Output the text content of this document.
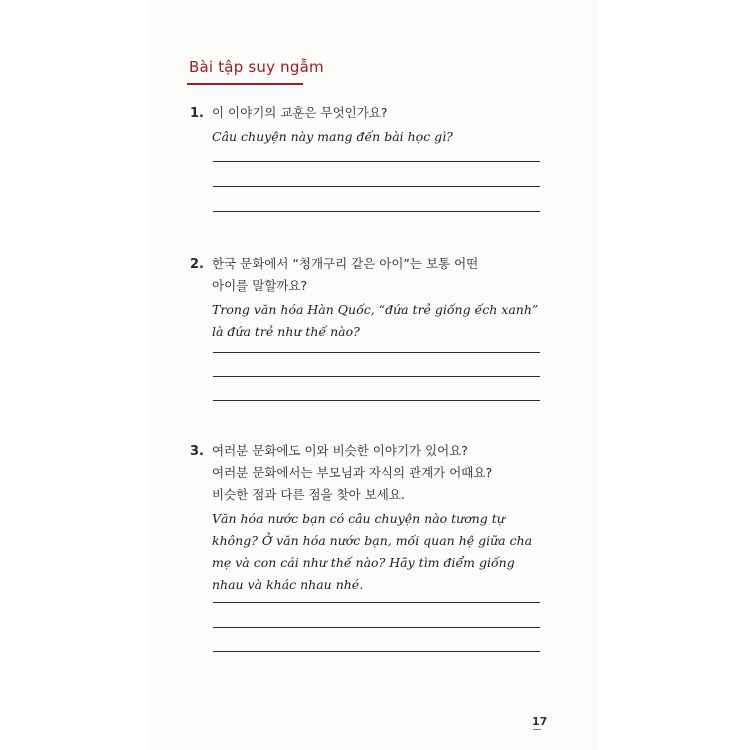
Bài tập suy ngẫm
1. 이 이야기의 교훈은 무엇인가요?
Câu chuyện này mang đến bài học gì?
2. 한국 문화에서 “청개구리 같은 아이”는 보통 어떤
아이를 말할까요?
Trong văn hóa Hàn Quốc, “đứa trẻ giống ếch xanh” là đứa trẻ như thế nào?
3. 여러분 문화에도 이와 비슷한 이야기가 있어요?
여러분 문화에서는 부모님과 자식의 관계가 어때요?
비슷한 점과 다른 점을 찾아 보세요.
Văn hóa nước bạn có câu chuyện nào tương tự không? Ở văn hóa nước bạn, mối quan hệ giữa cha mẹ và con cái như thế nào? Hãy tìm điểm giống nhau và khác nhau nhé.
17
